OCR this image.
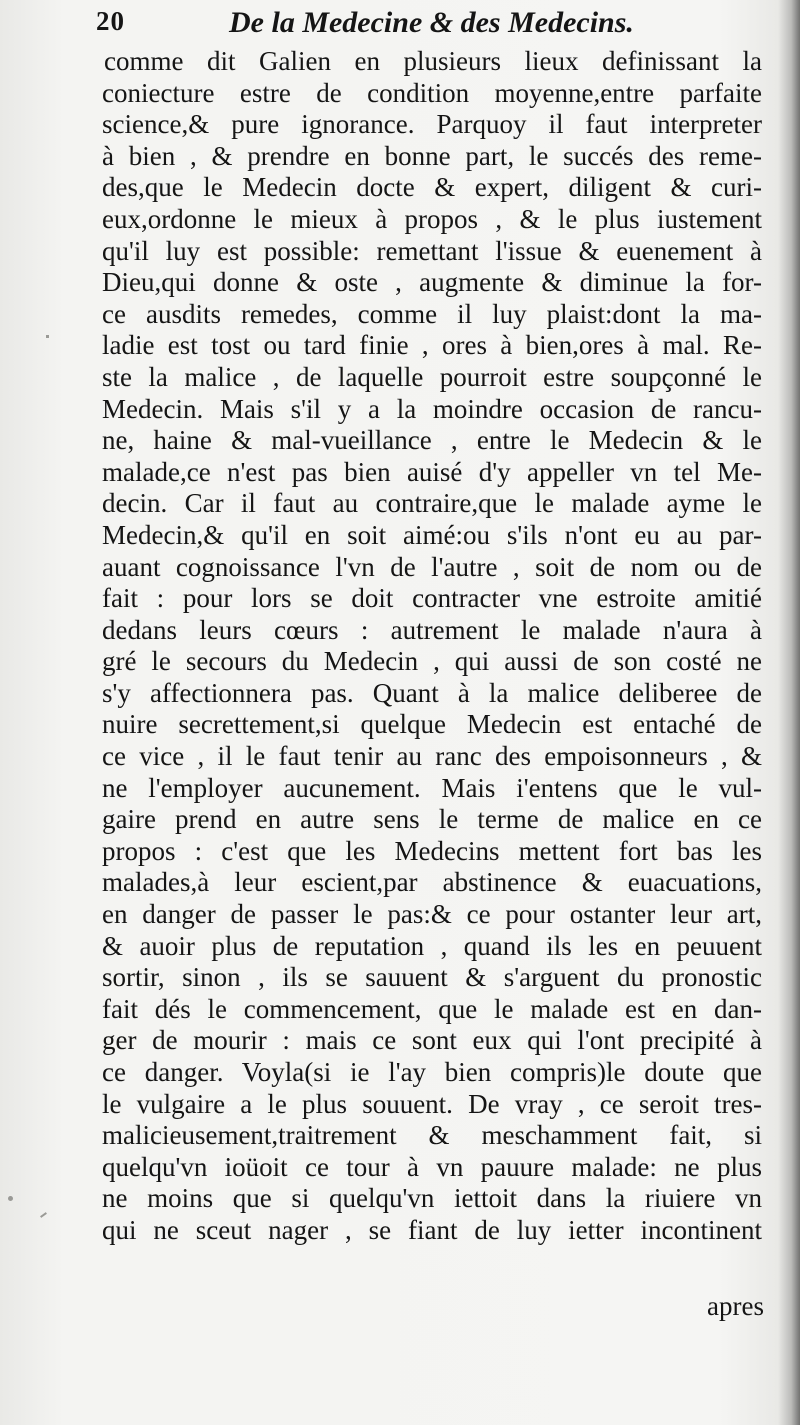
20	De la Medecine & des Medecins.
comme dit Galien en plusieurs lieux definissant la
coniecture estre de condition moyenne,entre parfaite
science,& pure ignorance. Parquoy il faut interpreter
à bien , & prendre en bonne part, le succés des reme-
des,que le Medecin docte & expert, diligent & curi-
eux,ordonne le mieux à propos , & le plus iustement
qu'il luy est possible: remettant l'issue & euenement à
Dieu,qui donne & oste , augmente & diminue la for-
ce ausdits remedes, comme il luy plaist:dont la ma-
ladie est tost ou tard finie , ores à bien,ores à mal. Re-
ste la malice , de laquelle pourroit estre soupçonné le
Medecin. Mais s'il y a la moindre occasion de rancu-
ne, haine & mal-vueillance , entre le Medecin & le
malade,ce n'est pas bien auisé d'y appeller vn tel Me-
decin. Car il faut au contraire,que le malade ayme le
Medecin,& qu'il en soit aimé:ou s'ils n'ont eu au par-
auant cognoissance l'vn de l'autre , soit de nom ou de
fait : pour lors se doit contracter vne estroite amitié
dedans leurs cœurs : autrement le malade n'aura à
gré le secours du Medecin , qui aussi de son costé ne
s'y affectionnera pas. Quant à la malice deliberee de
nuire secrettement,si quelque Medecin est entaché de
ce vice , il le faut tenir au ranc des empoisonneurs , &
ne l'employer aucunement. Mais i'entens que le vul-
gaire prend en autre sens le terme de malice en ce
propos : c'est que les Medecins mettent fort bas les
malades,à leur escient,par abstinence & euacuations,
en danger de passer le pas:& ce pour ostanter leur art,
& auoir plus de reputation , quand ils les en peuuent
sortir, sinon , ils se sauuent & s'arguent du pronostic
fait dés le commencement, que le malade est en dan-
ger de mourir : mais ce sont eux qui l'ont precipité à
ce danger. Voyla(si ie l'ay bien compris)le doute que
le vulgaire a le plus souuent. De vray , ce seroit tres-
malicieusement,traitrement & meschamment fait, si
quelqu'vn ioüoit ce tour à vn pauure malade: ne plus
ne moins que si quelqu'vn iettoit dans la riuiere vn
qui ne sceut nager , se fiant de luy ietter incontinent
apres
